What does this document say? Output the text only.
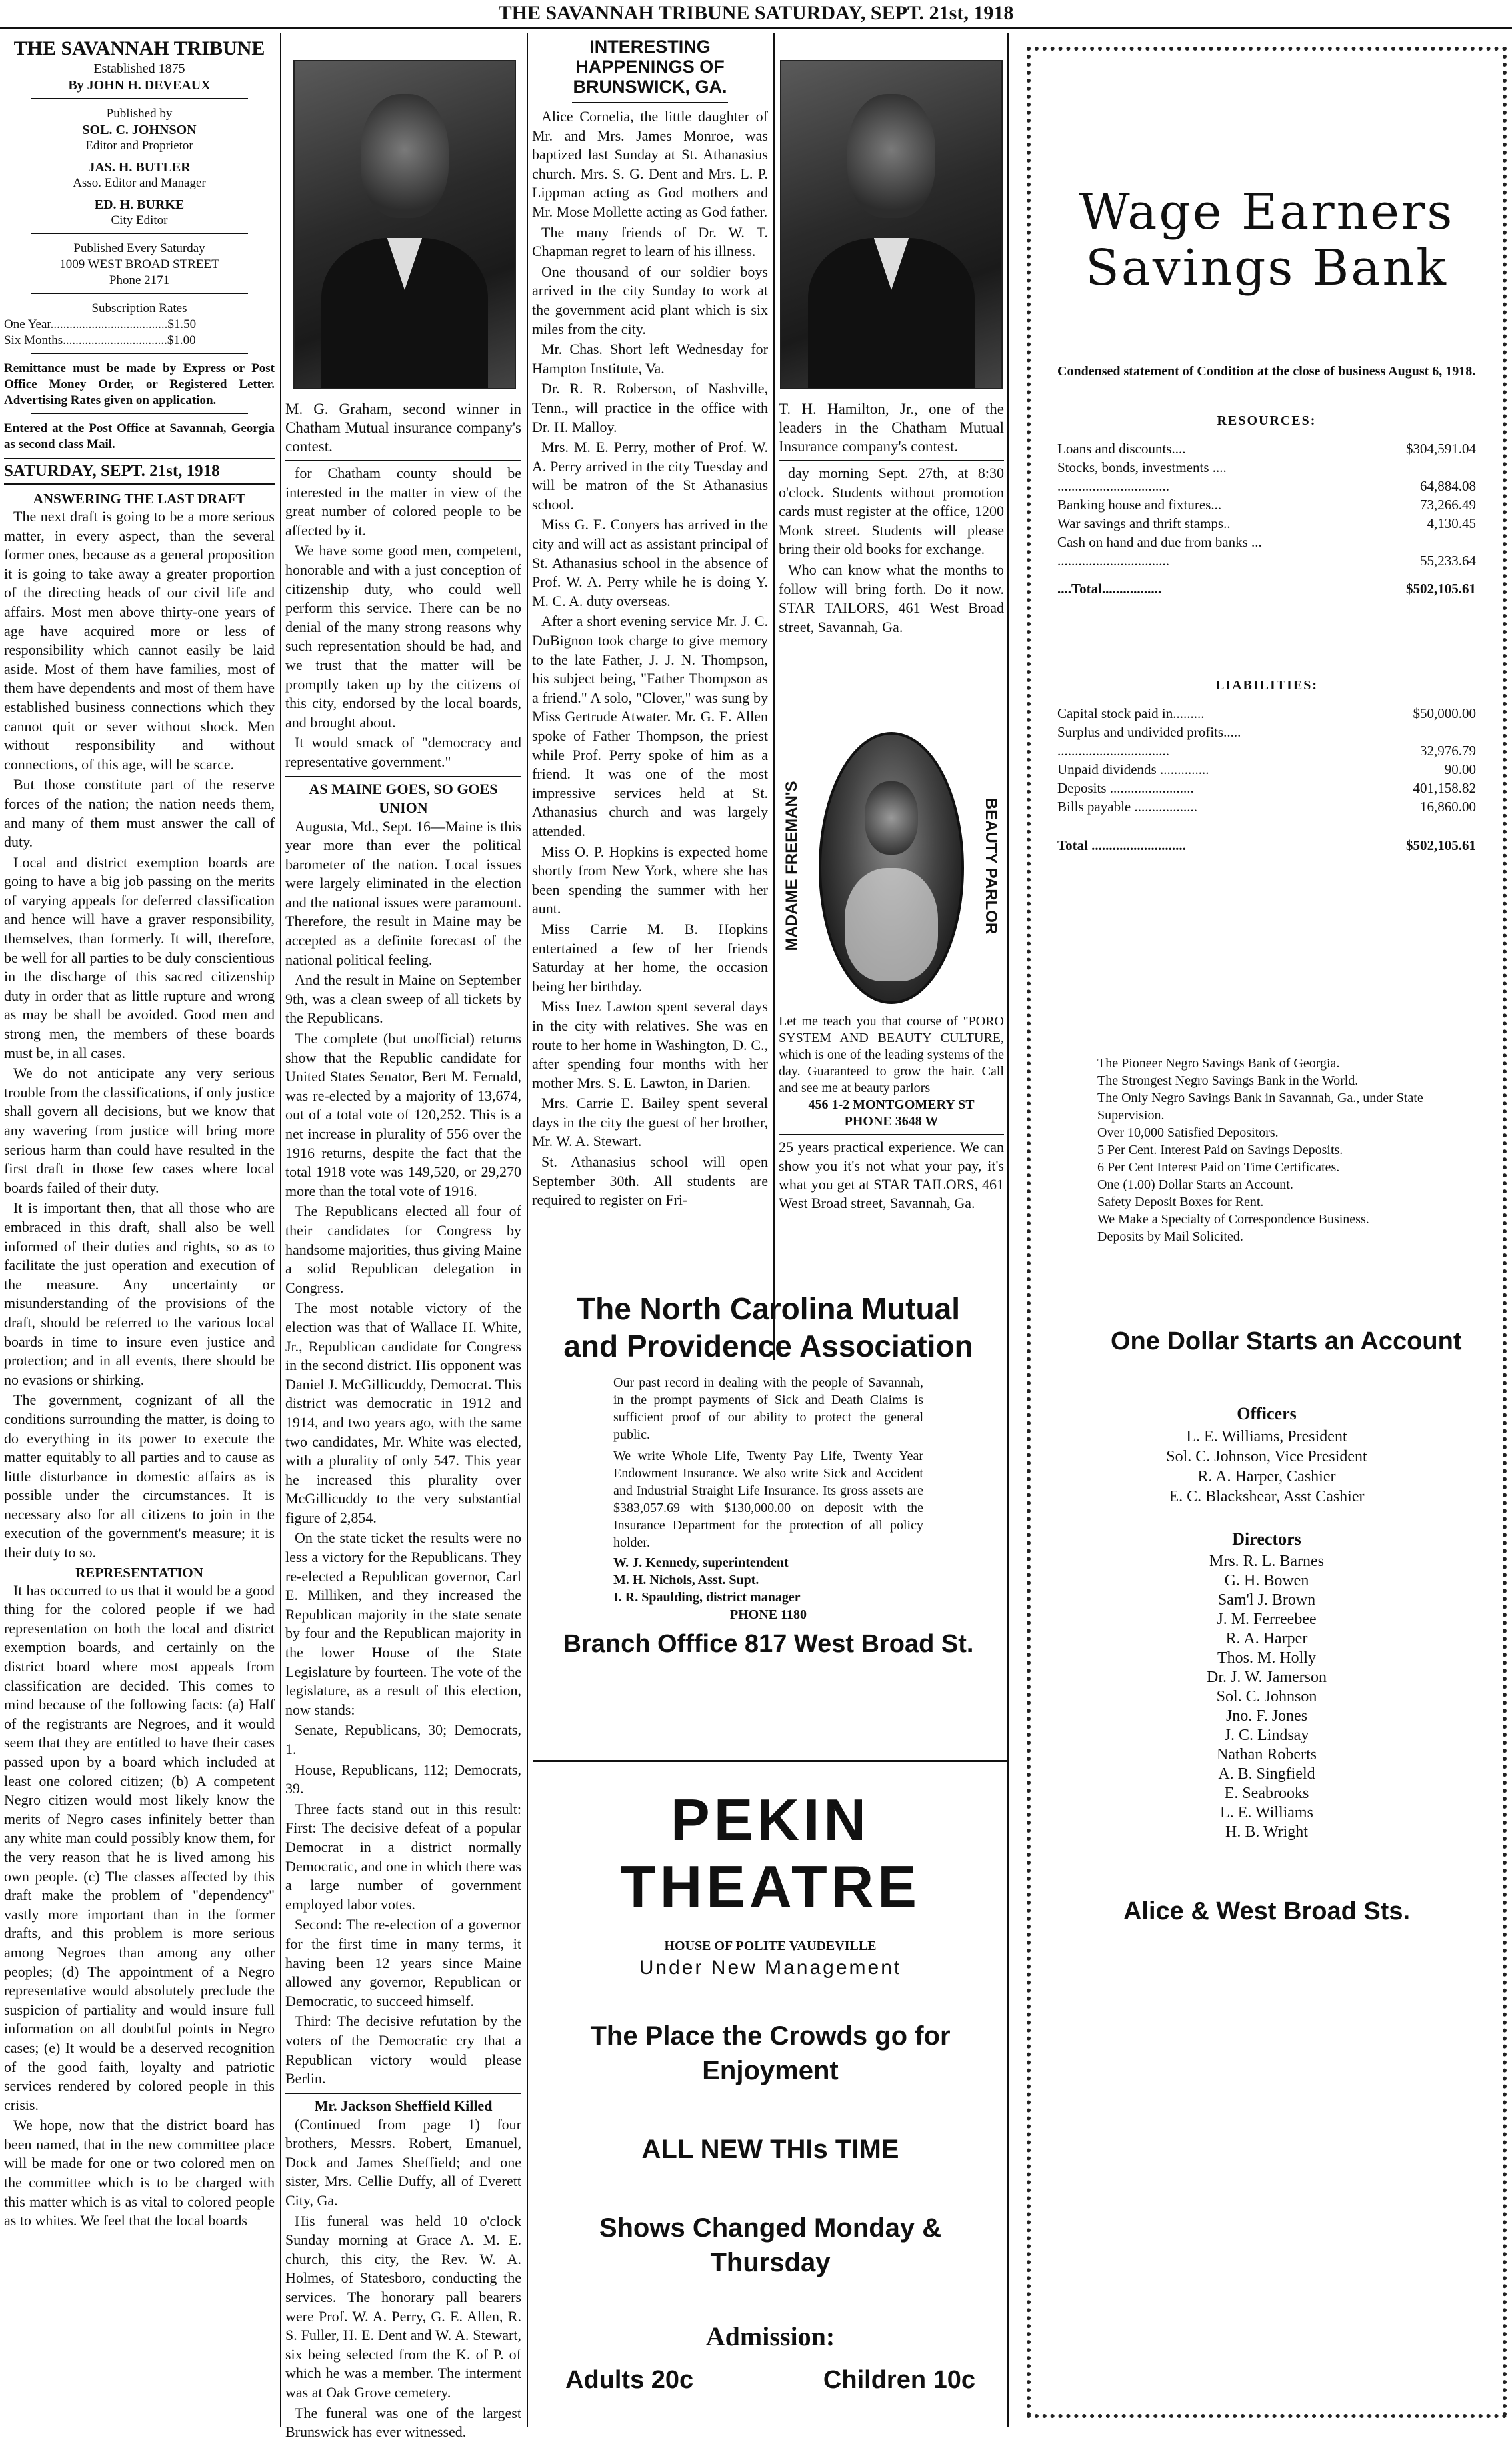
THE SAVANNAH TRIBUNE SATURDAY, SEPT. 21st, 1918
THE SAVANNAH TRIBUNE
Established 1875
By JOHN H. DEVEAUX
Published by
SOL. C. JOHNSON
Editor and Proprietor
JAS. H. BUTLER
Asso. Editor and Manager
ED. H. BURKE
City Editor
Published Every Saturday
1009 WEST BROAD STREET
Phone 2171
Subscription Rates
One Year.....................................$1.50
Six Months.................................$1.00
Remittance must be made by Express or Post Office Money Order, or Registered Letter. Advertising Rates given on application.
Entered at the Post Office at Savannah, Georgia as second class Mail.
SATURDAY, SEPT. 21st, 1918
ANSWERING THE LAST DRAFT

The next draft is going to be a more serious matter, in every aspect, than the several former ones, because as a general proposition it is going to take away a greater proportion of the directing heads of our civil life and affairs. Most men above thirty-one years of age have acquired more or less of responsibility which cannot easily be laid aside. Most of them have families, most of them have dependents and most of them have established business connections which they cannot quit or sever without shock. Men without responsibility and without connections, of this age, will be scarce.

But those constitute part of the reserve forces of the nation; the nation needs them, and many of them must answer the call of duty.

Local and district exemption boards are going to have a big job passing on the merits of varying appeals for deferred classification and hence will have a graver responsibility, themselves, than formerly. It will, therefore, be well for all parties to be duly conscientious in the discharge of this sacred citizenship duty in order that as little rupture and wrong as may be shall be avoided. Good men and strong men, the members of these boards must be, in all cases.

We do not anticipate any very serious trouble from the classifications, if only justice shall govern all decisions, but we know that any wavering from justice will bring more serious harm than could have resulted in the first draft in those few cases where local boards failed of their duty.

It is important then, that all those who are embraced in this draft, shall also be well informed of their duties and rights, so as to facilitate the just operation and execution of the measure. Any uncertainty or misunderstanding of the provisions of the draft, should be referred to the various local boards in time to insure even justice and protection; and in all events, there should be no evasions or shirking.

The government, cognizant of all the conditions surrounding the matter, is doing to do everything in its power to execute the matter equitably to all parties and to cause as little disturbance in domestic affairs as is possible under the circumstances. It is necessary also for all citizens to join in the execution of the government's measure; it is their duty to so.

REPRESENTATION

It has occurred to us that it would be a good thing for the colored people if we had representation on both the local and district exemption boards, and certainly on the district board where most appeals from classification are decided. This comes to mind because of the following facts: (a) Half of the registrants are Negroes, and it would seem that they are entitled to have their cases passed upon by a board which included at least one colored citizen; (b) A competent Negro citizen would most likely know the merits of Negro cases infinitely better than any white man could possibly know them, for the very reason that he is lived among his own people. (c) The classes affected by this draft make the problem of "dependency" vastly more important than in the former drafts, and this problem is more serious among Negroes than among any other peoples; (d) The appointment of a Negro representative would absolutely preclude the suspicion of partiality and would insure full information on all doubtful points in Negro cases; (e) It would be a deserved recognition of the good faith, loyalty and patriotic services rendered by colored people in this crisis.

We hope, now that the district board has been named, that in the new committee place will be made for one or two colored men on the committee which is to be charged with this matter which is as vital to colored people as to whites. We feel that the local boards

M. G. Graham, second winner in Chatham Mutual insurance company's contest.

for Chatham county should be interested in the matter in view of the great number of colored people to be affected by it.

We have some good men, competent, honorable and with a just conception of citizenship duty, who could well perform this service. There can be no denial of the many strong reasons why such representation should be had, and we trust that the matter will be promptly taken up by the citizens of this city, endorsed by the local boards, and brought about.

It would smack of "democracy and representative government."

AS MAINE GOES, SO GOES UNION

Augusta, Md., Sept. 16—Maine is this year more than ever the political barometer of the nation. Local issues were largely eliminated in the election and the national issues were paramount. Therefore, the result in Maine may be accepted as a definite forecast of the national political feeling.

And the result in Maine on September 9th, was a clean sweep of all tickets by the Republicans.

The complete (but unofficial) returns show that the Republic candidate for United States Senator, Bert M. Fernald, was re-elected by a majority of 13,674, out of a total vote of 120,252. This is a net increase in plurality of 556 over the 1916 returns, despite the fact that the total 1918 vote was 149,520, or 29,270 more than the total vote of 1916.

The Republicans elected all four of their candidates for Congress by handsome majorities, thus giving Maine a solid Republican delegation in Congress.

The most notable victory of the election was that of Wallace H. White, Jr., Republican candidate for Congress in the second district. His opponent was Daniel J. McGillicuddy, Democrat. This district was democratic in 1912 and 1914, and two years ago, with the same two candidates, Mr. White was elected, with a plurality of only 547. This year he increased this plurality over McGillicuddy to the very substantial figure of 2,854.

On the state ticket the results were no less a victory for the Republicans. They re-elected a Republican governor, Carl E. Milliken, and they increased the Republican majority in the state senate by four and the Republican majority in the lower House of the State Legislature by fourteen. The vote of the legislature, as a result of this election, now stands:

Senate, Republicans, 30; Democrats, 1.

House, Republicans, 112; Democrats, 39.

Three facts stand out in this result: First: The decisive defeat of a popular Democrat in a district normally Democratic, and one in which there was a large number of government employed labor votes.

Second: The re-election of a governor for the first time in many terms, it having been 12 years since Maine allowed any governor, Republican or Democratic, to succeed himself.

Third: The decisive refutation by the voters of the Democratic cry that a Republican victory would please Berlin.

Mr. Jackson Sheffield Killed

(Continued from page 1) four brothers, Messrs. Robert, Emanuel, Dock and James Sheffield; and one sister, Mrs. Cellie Duffy, all of Everett City, Ga.

His funeral was held 10 o'clock Sunday morning at Grace A. M. E. church, this city, the Rev. W. A. Holmes, of Statesboro, conducting the services. The honorary pall bearers were Prof. W. A. Perry, G. E. Allen, R. S. Fuller, H. E. Dent and W. A. Stewart, six being selected from the K. of P. of which he was a member. The interment was at Oak Grove cemetery.

The funeral was one of the largest Brunswick has ever witnessed.

INTERESTING HAPPENINGS OF BRUNSWICK, GA.

Alice Cornelia, the little daughter of Mr. and Mrs. James Monroe, was baptized last Sunday at St. Athanasius church. Mrs. S. G. Dent and Mrs. L. P. Lippman acting as God mothers and Mr. Mose Mollette acting as God father.

The many friends of Dr. W. T. Chapman regret to learn of his illness.

One thousand of our soldier boys arrived in the city Sunday to work at the government acid plant which is six miles from the city.

Mr. Chas. Short left Wednesday for Hampton Institute, Va.

Dr. R. R. Roberson, of Nashville, Tenn., will practice in the office with Dr. H. Malloy.

Mrs. M. E. Perry, mother of Prof. W. A. Perry arrived in the city Tuesday and will be matron of the St Athanasius school.

Miss G. E. Conyers has arrived in the city and will act as assistant principal of St. Athanasius school in the absence of Prof. W. A. Perry while he is doing Y. M. C. A. duty overseas.

After a short evening service Mr. J. C. DuBignon took charge to give memory to the late Father, J. J. N. Thompson, his subject being, "Father Thompson as a friend." A solo, "Clover," was sung by Miss Gertrude Atwater. Mr. G. E. Allen spoke of Father Thompson, the priest while Prof. Perry spoke of him as a friend. It was one of the most impressive services held at St. Athanasius church and was largely attended.

Miss O. P. Hopkins is expected home shortly from New York, where she has been spending the summer with her aunt.

Miss Carrie M. B. Hopkins entertained a few of her friends Saturday at her home, the occasion being her birthday.

Miss Inez Lawton spent several days in the city with relatives. She was en route to her home in Washington, D. C., after spending four months with her mother Mrs. S. E. Lawton, in Darien.

Mrs. Carrie E. Bailey spent several days in the city the guest of her brother, Mr. W. A. Stewart.

St. Athanasius school will open September 30th. All students are required to register on Fri-

T. H. Hamilton, Jr., one of the leaders in the Chatham Mutual Insurance company's contest.

day morning Sept. 27th, at 8:30 o'clock. Students without promotion cards must register at the office, 1200 Monk street. Students will please bring their old books for exchange.

Who can know what the months to follow will bring forth. Do it now. STAR TAILORS, 461 West Broad street, Savannah, Ga.

MADAME FREEMAN'S	BEAUTY PARLOR
Let me teach you that course of "PORO SYSTEM AND BEAUTY CULTURE, which is one of the leading systems of the day. Guaranteed to grow the hair. Call and see me at beauty parlors
456 1-2 MONTGOMERY ST
PHONE 3648 W
25 years practical experience. We can show you it's not what your pay, it's what you get at STAR TAILORS, 461 West Broad street, Savannah, Ga.
The North Carolina Mutual
and Providence Association
Our past record in dealing with the people of Savannah, in the prompt payments of Sick and Death Claims is sufficient proof of our ability to protect the general public.
We write Whole Life, Twenty Pay Life, Twenty Year Endowment Insurance. We also write Sick and Accident and Industrial Straight Life Insurance. Its gross assets are $383,057.69 with $130,000.00 on deposit with the Insurance Department for the protection of all policy holder.
W. J. Kennedy, superintendent
M. H. Nichols, Asst. Supt.
I. R. Spaulding, district manager
PHONE 1180
Branch Offfice 817 West Broad St.
PEKIN THEATRE
HOUSE OF POLITE VAUDEVILLE
Under New Management
The Place the Crowds go for Enjoyment
ALL NEW THIs TIME
Shows Changed Monday & Thursday
Admission:
Adults 20c	Children 10c
Wage Earners
Savings Bank
Condensed statement of Condition at the close of business August 6, 1918.
RESOURCES:
Loans and discounts....	$304,591.04
Stocks, bonds, investments ....
................................	64,884.08
Banking house and fixtures...	73,266.49
War savings and thrift stamps..	4,130.45
Cash on hand and due from banks ...
................................	55,233.64
....Total.................	$502,105.61
LIABILITIES:
Capital stock paid in.........	$50,000.00
Surplus and undivided profits.....
................................	32,976.79
Unpaid dividends ..............	90.00
Deposits ........................	401,158.82
Bills payable ..................	16,860.00
Total ...........................	$502,105.61
The Pioneer Negro Savings Bank of Georgia.
The Strongest Negro Savings Bank in the World.
The Only Negro Savings Bank in Savannah, Ga., under State Supervision.
Over 10,000 Satisfied Depositors.
5 Per Cent. Interest Paid on Savings Deposits.
6 Per Cent Interest Paid on Time Certificates.
One (1.00) Dollar Starts an Account.
Safety Deposit Boxes for Rent.
We Make a Specialty of Correspondence Business.
Deposits by Mail Solicited.
One Dollar Starts an Account
Officers
L. E. Williams, President
Sol. C. Johnson, Vice President
R. A. Harper, Cashier
E. C. Blackshear, Asst Cashier
Directors
Mrs. R. L. Barnes
G. H. Bowen
Sam'l J. Brown
J. M. Ferreebee
R. A. Harper
Thos. M. Holly
Dr. J. W. Jamerson
Sol. C. Johnson
Jno. F. Jones
J. C. Lindsay
Nathan Roberts
A. B. Singfield
E. Seabrooks
L. E. Williams
H. B. Wright
Alice & West Broad Sts.
